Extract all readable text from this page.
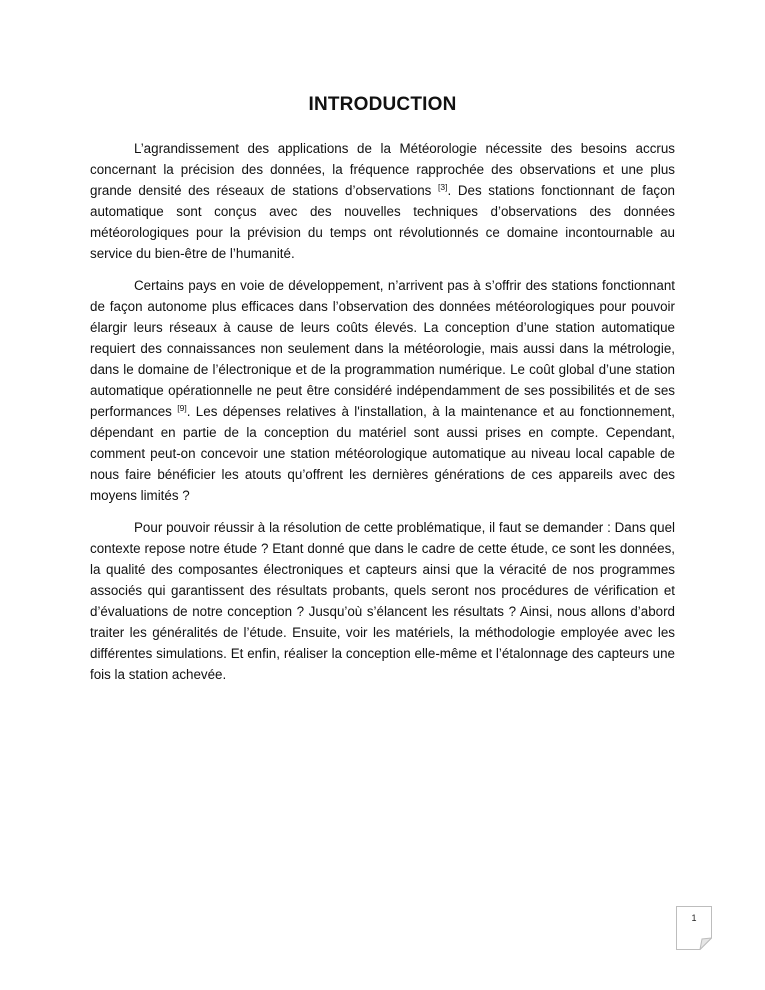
INTRODUCTION

L’agrandissement des applications de la Météorologie nécessite des besoins accrus concernant la précision des données, la fréquence rapprochée des observations et une plus grande densité des réseaux de stations d’observations [3]. Des stations fonctionnant de façon automatique sont conçus avec des nouvelles techniques d’observations des données météorologiques pour la prévision du temps ont révolutionnés ce domaine incontournable au service du bien-être de l’humanité.

Certains pays en voie de développement, n’arrivent pas à s’offrir des stations fonctionnant de façon autonome plus efficaces dans l’observation des données météorologiques pour pouvoir élargir leurs réseaux à cause de leurs coûts élevés. La conception d’une station automatique requiert des connaissances non seulement dans la météorologie, mais aussi dans la métrologie, dans le domaine de l’électronique et de la programmation numérique. Le coût global d’une station automatique opérationnelle ne peut être considéré indépendamment de ses possibilités et de ses performances [9]. Les dépenses relatives à l'installation, à la maintenance et au fonctionnement, dépendant en partie de la conception du matériel sont aussi prises en compte. Cependant, comment peut-on concevoir une station météorologique automatique au niveau local capable de nous faire bénéficier les atouts qu’offrent les dernières générations de ces appareils avec des moyens limités ?

Pour pouvoir réussir à la résolution de cette problématique, il faut se demander : Dans quel contexte repose notre étude ? Etant donné que dans le cadre de cette étude, ce sont les données, la qualité des composantes électroniques et capteurs ainsi que la véracité de nos programmes associés qui garantissent des résultats probants, quels seront nos procédures de vérification et d’évaluations de notre conception ? Jusqu’où s’élancent les résultats ? Ainsi, nous allons d’abord traiter les généralités de l’étude. Ensuite, voir les matériels, la méthodologie employée avec les différentes simulations. Et enfin, réaliser la conception elle-même et l’étalonnage des capteurs une fois la station achevée.

1
